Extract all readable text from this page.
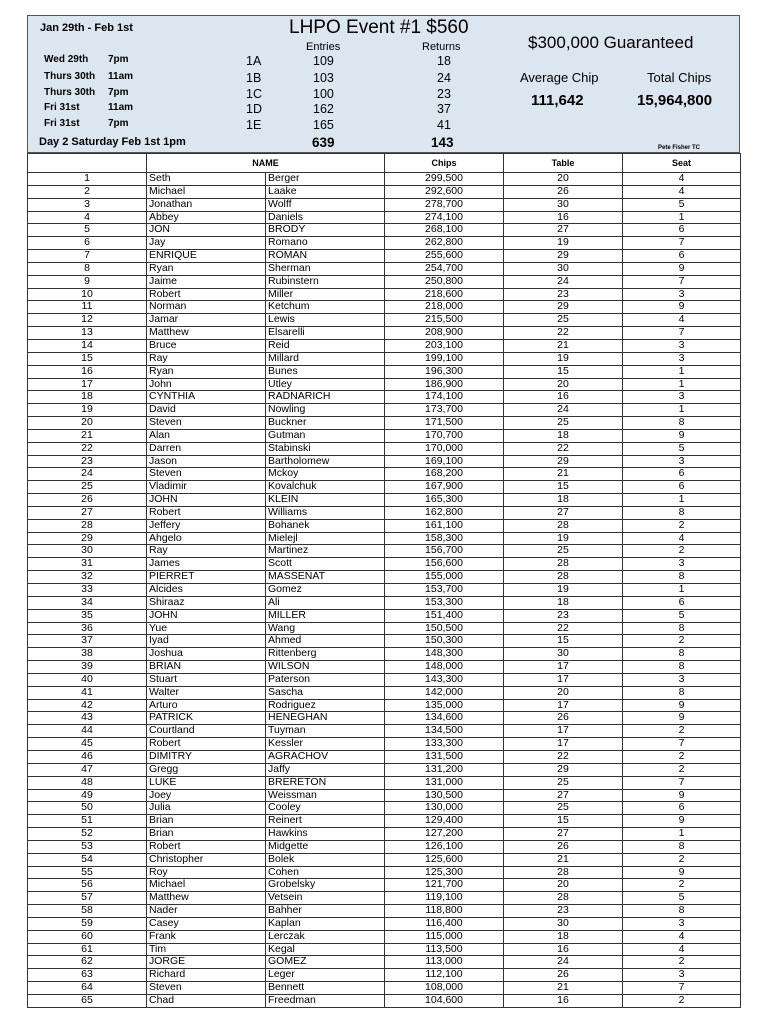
Jan 29th - Feb 1st	LHPO Event #1 $560
Entries	Returns	$300,000 Guaranteed
Average Chip	Total Chips
111,642	15,964,800
Wed 29th 7pm	1A	109	18
Thurs 30th 11am	1B	103	24
Thurs 30th 7pm	1C	100	23
Fri 31st	11am	1D	162	37
Fri 31st	7pm	1E	165	41
Day 2 Saturday Feb 1st 1pm	639	143	Pete Fisher TC
	NAME		Chips	Table	Seat
1	Seth	Berger	299,500	20	4
2	Michael	Laake	292,600	26	4
3	Jonathan	Wolff	278,700	30	5
4	Abbey	Daniels	274,100	16	1
5	JON	BRODY	268,100	27	6
6	Jay	Romano	262,800	19	7
7	ENRIQUE	ROMAN	255,600	29	6
8	Ryan	Sherman	254,700	30	9
9	Jaime	Rubinstern	250,800	24	7
10	Robert	Miller	218,600	23	3
11	Norman	Ketchum	218,000	29	9
12	Jamar	Lewis	215,500	25	4
13	Matthew	Elsarelli	208,900	22	7
14	Bruce	Reid	203,100	21	3
15	Ray	Millard	199,100	19	3
16	Ryan	Bunes	196,300	15	1
17	John	Utley	186,900	20	1
18	CYNTHIA	RADNARICH	174,100	16	3
19	David	Nowling	173,700	24	1
20	Steven	Buckner	171,500	25	8
21	Alan	Gutman	170,700	18	9
22	Darren	Stabinski	170,000	22	5
23	Jason	Bartholomew	169,100	29	3
24	Steven	Mckoy	168,200	21	6
25	Vladimir	Kovalchuk	167,900	15	6
26	JOHN	KLEIN	165,300	18	1
27	Robert	Williams	162,800	27	8
28	Jeffery	Bohanek	161,100	28	2
29	Ahgelo	Mielejl	158,300	19	4
30	Ray	Martinez	156,700	25	2
31	James	Scott	156,600	28	3
32	PIERRET	MASSENAT	155,000	28	8
33	Alcides	Gomez	153,700	19	1
34	Shiraaz	Ali	153,300	18	6
35	JOHN	MILLER	151,400	23	5
36	Yue	Wang	150,500	22	8
37	Iyad	Ahmed	150,300	15	2
38	Joshua	Rittenberg	148,300	30	8
39	BRIAN	WILSON	148,000	17	8
40	Stuart	Paterson	143,300	17	3
41	Walter	Sascha	142,000	20	8
42	Arturo	Rodriguez	135,000	17	9
43	PATRICK	HENEGHAN	134,600	26	9
44	Courtland	Tuyman	134,500	17	2
45	Robert	Kessler	133,300	17	7
46	DIMITRY	AGRACHOV	131,500	22	2
47	Gregg	Jaffy	131,200	29	2
48	LUKE	BRERETON	131,000	25	7
49	Joey	Weissman	130,500	27	9
50	Julia	Cooley	130,000	25	6
51	Brian	Reinert	129,400	15	9
52	Brian	Hawkins	127,200	27	1
53	Robert	Midgette	126,100	26	8
54	Christopher	Bolek	125,600	21	2
55	Roy	Cohen	125,300	28	9
56	Michael	Grobelsky	121,700	20	2
57	Matthew	Vetsein	119,100	28	5
58	Nader	Bahher	118,800	23	8
59	Casey	Kaplan	116,400	30	3
60	Frank	Lerczak	115,000	18	4
61	Tim	Kegal	113,500	16	4
62	JORGE	GOMEZ	113,000	24	2
63	Richard	Leger	112,100	26	3
64	Steven	Bennett	108,000	21	7
65	Chad	Freedman	104,600	16	2
